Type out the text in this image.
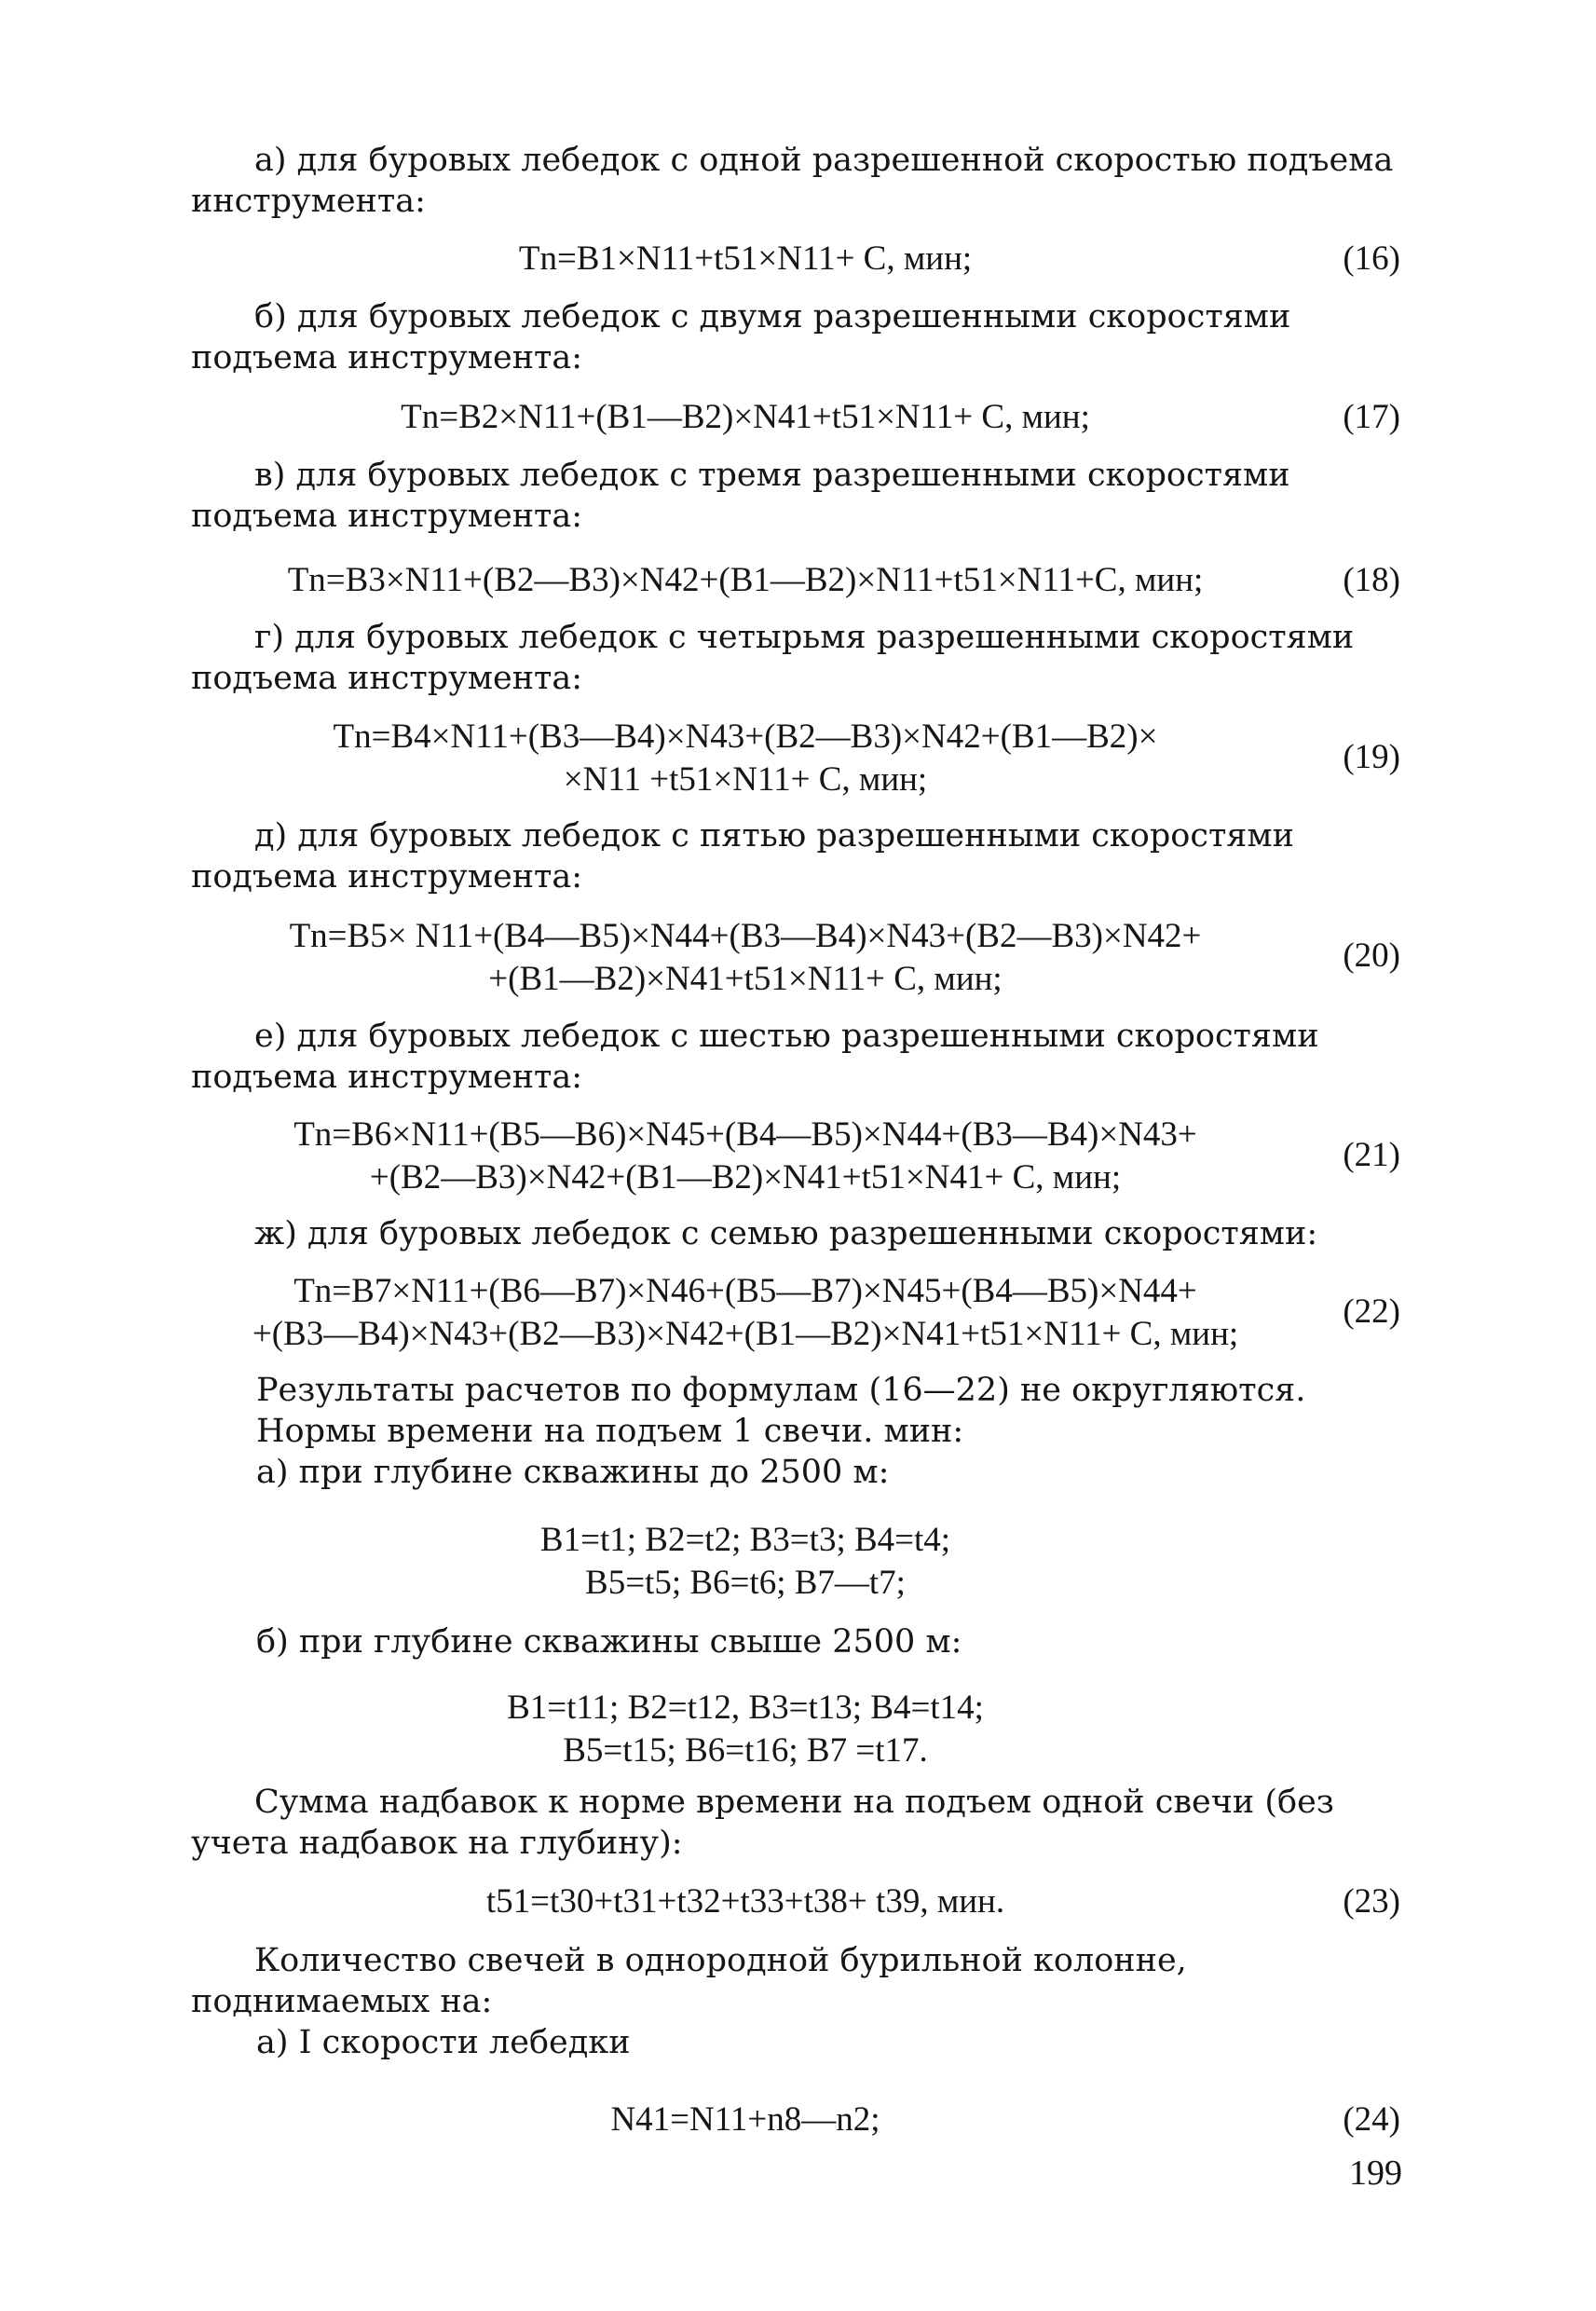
а) для буровых лебедок с одной разрешенной скоростью подъема инструмента:

Tn=B1×N11+t51×N11+ C, мин;	(16)

б) для буровых лебедок с двумя разрешенными скоростями подъема инструмента:

Tn=B2×N11+(B1—B2)×N41+t51×N11+ C, мин;	(17)

в) для буровых лебедок с тремя разрешенными скоростями подъема инструмента:

Tn=B3×N11+(B2—B3)×N42+(B1—B2)×N11+t51×N11+C, мин;	(18)

г) для буровых лебедок с четырьмя разрешенными скоростями подъема инструмента:

Tn=B4×N11+(B3—B4)×N43+(B2—B3)×N42+(B1—B2)×
×N11 +t51×N11+ C, мин;
(19)

д) для буровых лебедок с пятью разрешенными скоростями подъема инструмента:

Tn=B5× N11+(B4—B5)×N44+(B3—B4)×N43+(B2—B3)×N42+
+(B1—B2)×N41+t51×N11+ C, мин;
(20)

е) для буровых лебедок с шестью разрешенными скоростями подъема инструмента:

Tn=B6×N11+(B5—B6)×N45+(B4—B5)×N44+(B3—B4)×N43+
+(B2—B3)×N42+(B1—B2)×N41+t51×N41+ C, мин;
(21)

ж) для буровых лебедок с семью разрешенными скоростями:

Tn=B7×N11+(B6—B7)×N46+(B5—B7)×N45+(B4—B5)×N44+
+(B3—B4)×N43+(B2—B3)×N42+(B1—B2)×N41+t51×N11+ C, мин;
(22)

Результаты расчетов по формулам (16—22) не округляются.

Нормы времени на подъем 1 свечи. мин:

а) при глубине скважины до 2500 м:

B1=t1; B2=t2; B3=t3; B4=t4;
B5=t5; B6=t6; B7—t7;

б) при глубине скважины свыше 2500 м:

B1=t11; B2=t12, B3=t13; B4=t14;
B5=t15; B6=t16; B7 =t17.

Сумма надбавок к норме времени на подъем одной свечи (без учета надбавок на глубину):

t51=t30+t31+t32+t33+t38+ t39, мин.	(23)

Количество свечей в однородной бурильной колонне, поднимаемых на:

а) I скорости лебедки

N41=N11+n8—n2;	(24)
199
